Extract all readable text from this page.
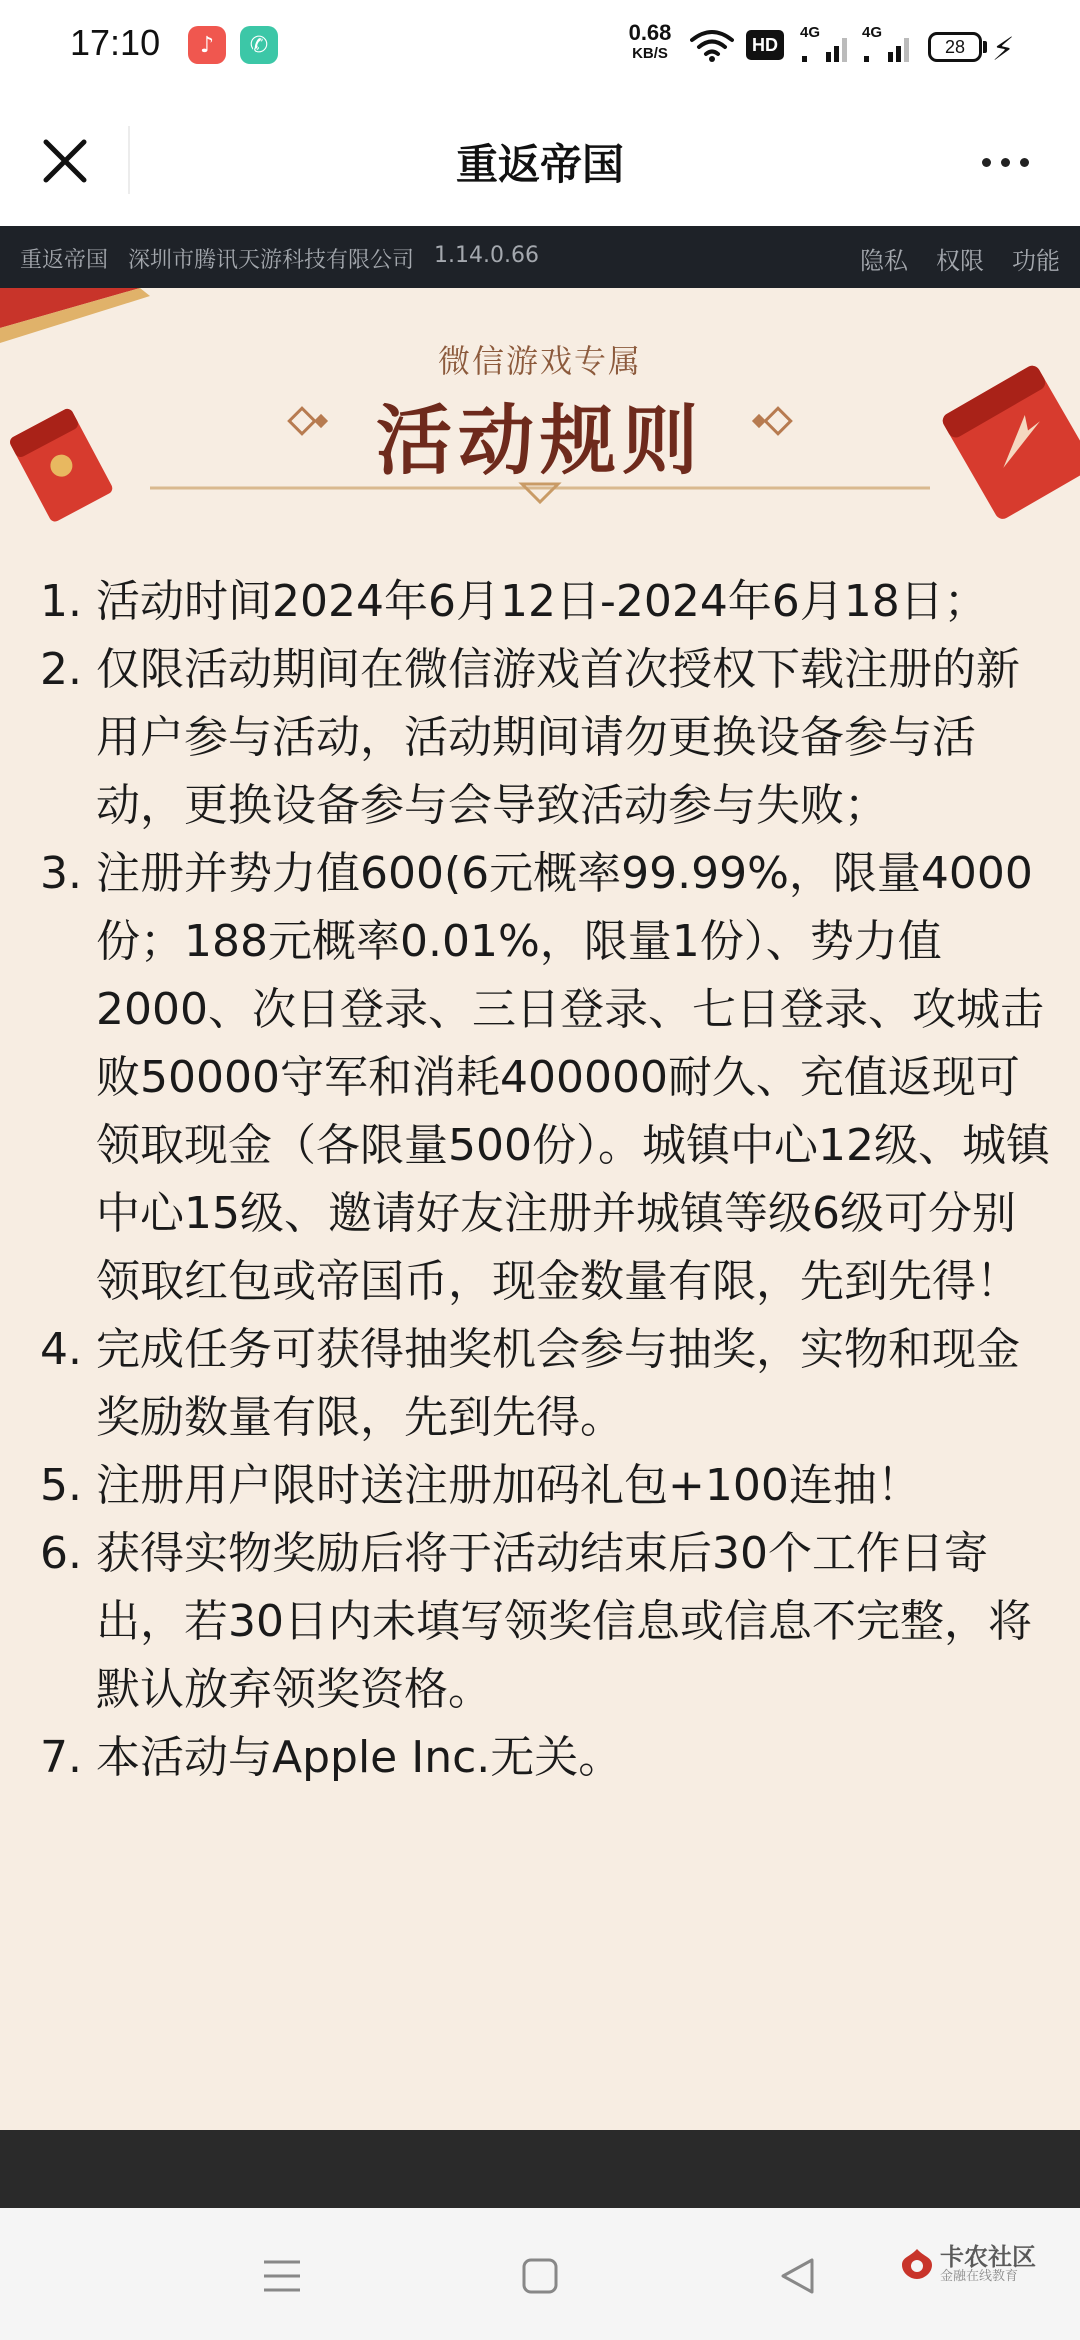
17:10	♪	✆	0.68
KB/S	HD
4G	4G
28 ⚡
重返帝国
重返帝国 深圳市腾讯天游科技有限公司 1.14.0.66	隐私 权限 功能
微信游戏专属
活动规则
1. 活动时间2024年6月12日-2024年6月18日；
2. 仅限活动期间在微信游戏首次授权下载注册的新用户参与活动，活动期间请勿更换设备参与活动，更换设备参与会导致活动参与失败；
3. 注册并势力值600(6元概率99.99%，限量4000份；188元概率0.01%，限量1份）、势力值2000、次日登录、三日登录、七日登录、攻城击败50000守军和消耗400000耐久、充值返现可领取现金（各限量500份）。城镇中心12级、城镇中心15级、邀请好友注册并城镇等级6级可分别领取红包或帝国币，现金数量有限，先到先得！
4. 完成任务可获得抽奖机会参与抽奖，实物和现金奖励数量有限，先到先得。
5. 注册用户限时送注册加码礼包+100连抽！
6. 获得实物奖励后将于活动结束后30个工作日寄出，若30日内未填写领奖信息或信息不完整，将默认放弃领奖资格。
7. 本活动与Apple Inc.无关。
卡农社区
金融在线教育
